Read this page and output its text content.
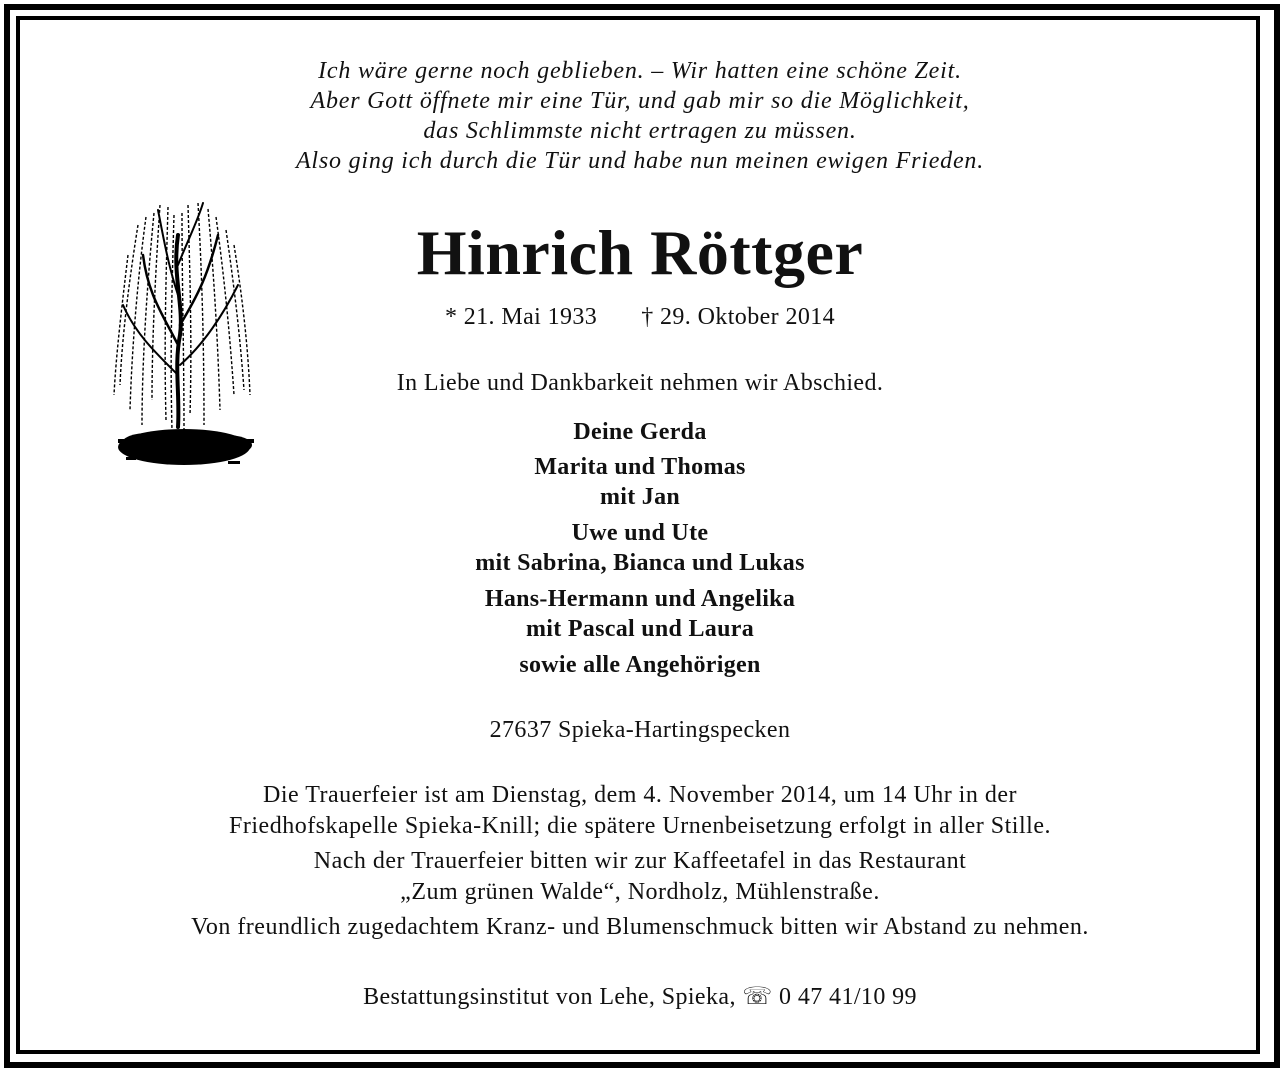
Ich wäre gerne noch geblieben. – Wir hatten eine schöne Zeit.
Aber Gott öffnete mir eine Tür, und gab mir so die Möglichkeit,
das Schlimmste nicht ertragen zu müssen.
Also ging ich durch die Tür und habe nun meinen ewigen Frieden.
Hinrich Röttger
* 21. Mai 1933 † 29. Oktober 2014
In Liebe und Dankbarkeit nehmen wir Abschied.
Deine Gerda
Marita und Thomas
mit Jan
Uwe und Ute
mit Sabrina, Bianca und Lukas
Hans-Hermann und Angelika
mit Pascal und Laura
sowie alle Angehörigen
27637 Spieka-Hartingspecken
Die Trauerfeier ist am Dienstag, dem 4. November 2014, um 14 Uhr in der
Friedhofskapelle Spieka-Knill; die spätere Urnenbeisetzung erfolgt in aller Stille.
Nach der Trauerfeier bitten wir zur Kaffeetafel in das Restaurant
„Zum grünen Walde“, Nordholz, Mühlenstraße.
Von freundlich zugedachtem Kranz- und Blumenschmuck bitten wir Abstand zu nehmen.
Bestattungsinstitut von Lehe, Spieka, ☏ 0 47 41/10 99
